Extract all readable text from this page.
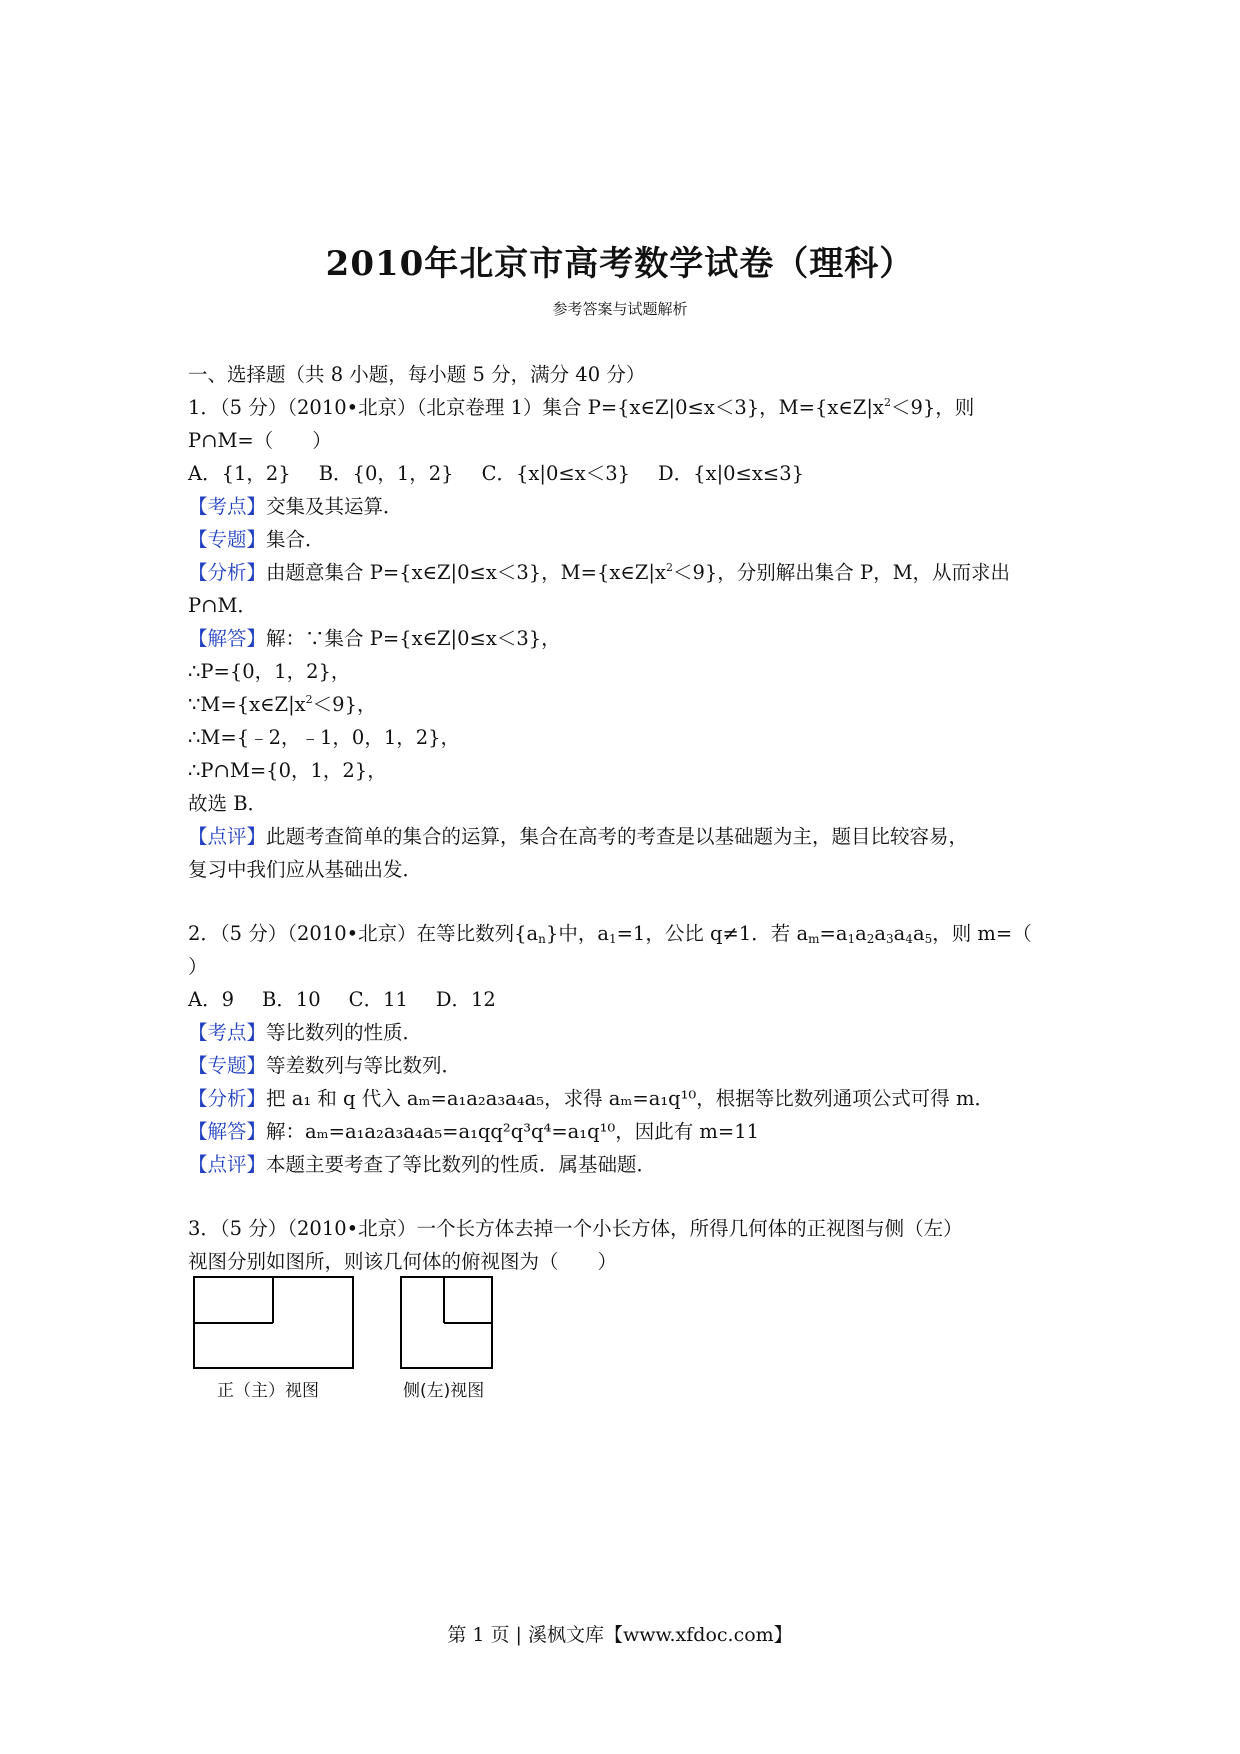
2010年北京市高考数学试卷（理科）
参考答案与试题解析
一、选择题（共 8 小题，每小题 5 分，满分 40 分）
1．（5 分）（2010•北京）（北京卷理 1）集合 P={x∈Z|0≤x＜3}，$M=\{x\in Z|x^2<9\}$，则
P∩M=（　　）
A．{1，2} B．{0，1，2} C．{x|0≤x＜3} D．{x|0≤x≤3}
【考点】交集及其运算．
【专题】集合．
【分析】由题意集合 P={x∈Z|0≤x＜3}，$M=\{x\in Z|x^2<9\}$，分别解出集合 P，M，从而求出
P∩M．
【解答】解：∵集合 P={x∈Z|0≤x＜3}，
∴P={0，1，2}，
$\because M=\{x\in Z|x^2<9\}$，
∴M={﹣2，﹣1，0，1，2}，
∴P∩M={0，1，2}，
故选 B．
【点评】此题考查简单的集合的运算，集合在高考的考查是以基础题为主，题目比较容易，
复习中我们应从基础出发．
2．（5 分）（2010•北京）在等比数列$\{a_n\}$中，$a_1=1$，公比 q≠1．若 $a_m=a_1a_2a_3a_4a_5$，则 m=（
）
A．9 B．10 C．11 D．12
【考点】等比数列的性质．
【专题】等差数列与等比数列．
【分析】把 a₁ 和 q 代入 aₘ=a₁a₂a₃a₄a₅，求得 aₘ=a₁q¹⁰，根据等比数列通项公式可得 m．
【解答】解：aₘ=a₁a₂a₃a₄a₅=a₁qq²q³q⁴=a₁q¹⁰，因此有 m=11
【点评】本题主要考查了等比数列的性质．属基础题．
3．（5 分）（2010•北京）一个长方体去掉一个小长方体，所得几何体的正视图与侧（左）
视图分别如图所，则该几何体的俯视图为（　　）
正（主）视图	侧(左)视图
第 1 页 | 溪枫文库【www.xfdoc.com】
